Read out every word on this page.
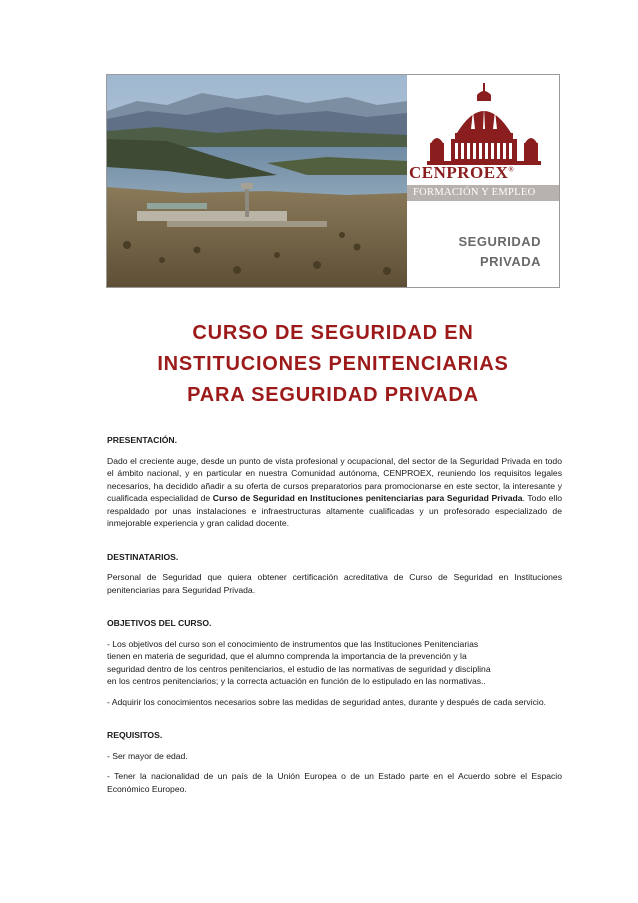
CENPROEX®
FORMACIÓN Y EMPLEO
SEGURIDAD
PRIVADA
CURSO DE SEGURIDAD EN
INSTITUCIONES PENITENCIARIAS
PARA SEGURIDAD PRIVADA
PRESENTACIÓN.

Dado el creciente auge, desde un punto de vista profesional y ocupacional, del sector de la Seguridad Privada en todo el ámbito nacional, y en particular en nuestra Comunidad autónoma, CENPROEX, reuniendo los requisitos legales necesarios, ha decidido añadir a su oferta de cursos preparatorios para promocionarse en este sector, la interesante y cualificada especialidad de Curso de Seguridad en Instituciones penitenciarias para Seguridad Privada. Todo ello respaldado por unas instalaciones e infraestructuras altamente cualificadas y un profesorado especializado de inmejorable experiencia y gran calidad docente.

DESTINATARIOS.

Personal de Seguridad que quiera obtener certificación acreditativa de Curso de Seguridad en Instituciones penitenciarias para Seguridad Privada.

OBJETIVOS DEL CURSO.
- Los objetivos del curso son el conocimiento de instrumentos que las Instituciones Penitenciarias
tienen en materia de seguridad, que el alumno comprenda la importancia de la prevención y la
seguridad dentro de los centros penitenciarios, el estudio de las normativas de seguridad y disciplina
en los centros penitenciarios; y la correcta actuación en función de lo estipulado en las normativas..

- Adquirir los conocimientos necesarios sobre las medidas de seguridad antes, durante y después de cada servicio.

REQUISITOS.

- Ser mayor de edad.

- Tener la nacionalidad de un país de la Unión Europea o de un Estado parte en el Acuerdo sobre el Espacio Económico Europeo.
